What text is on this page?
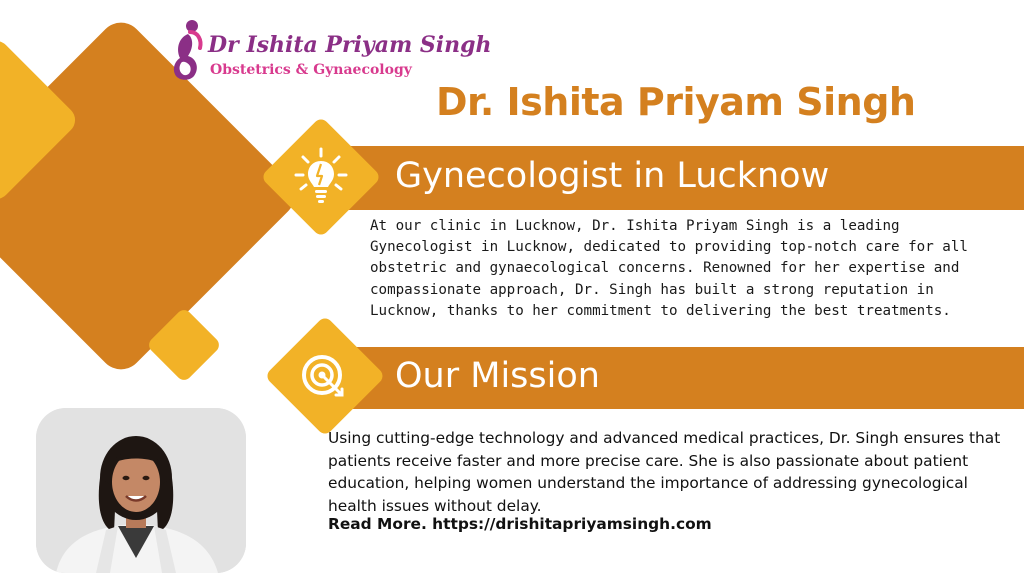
Dr Ishita Priyam Singh
Obstetrics & Gynaecology
Dr. Ishita Priyam Singh
Gynecologist in Lucknow

At our clinic in Lucknow, Dr. Ishita Priyam Singh is a leading Gynecologist in Lucknow, dedicated to providing top-notch care for all obstetric and gynaecological concerns. Renowned for her expertise and compassionate approach, Dr. Singh has built a strong reputation in Lucknow, thanks to her commitment to delivering the best treatments.

Our Mission

Using cutting-edge technology and advanced medical practices, Dr. Singh ensures that patients receive faster and more precise care. She is also passionate about patient education, helping women understand the importance of addressing gynecological health issues without delay.

Read More. https://drishitapriyamsingh.com
